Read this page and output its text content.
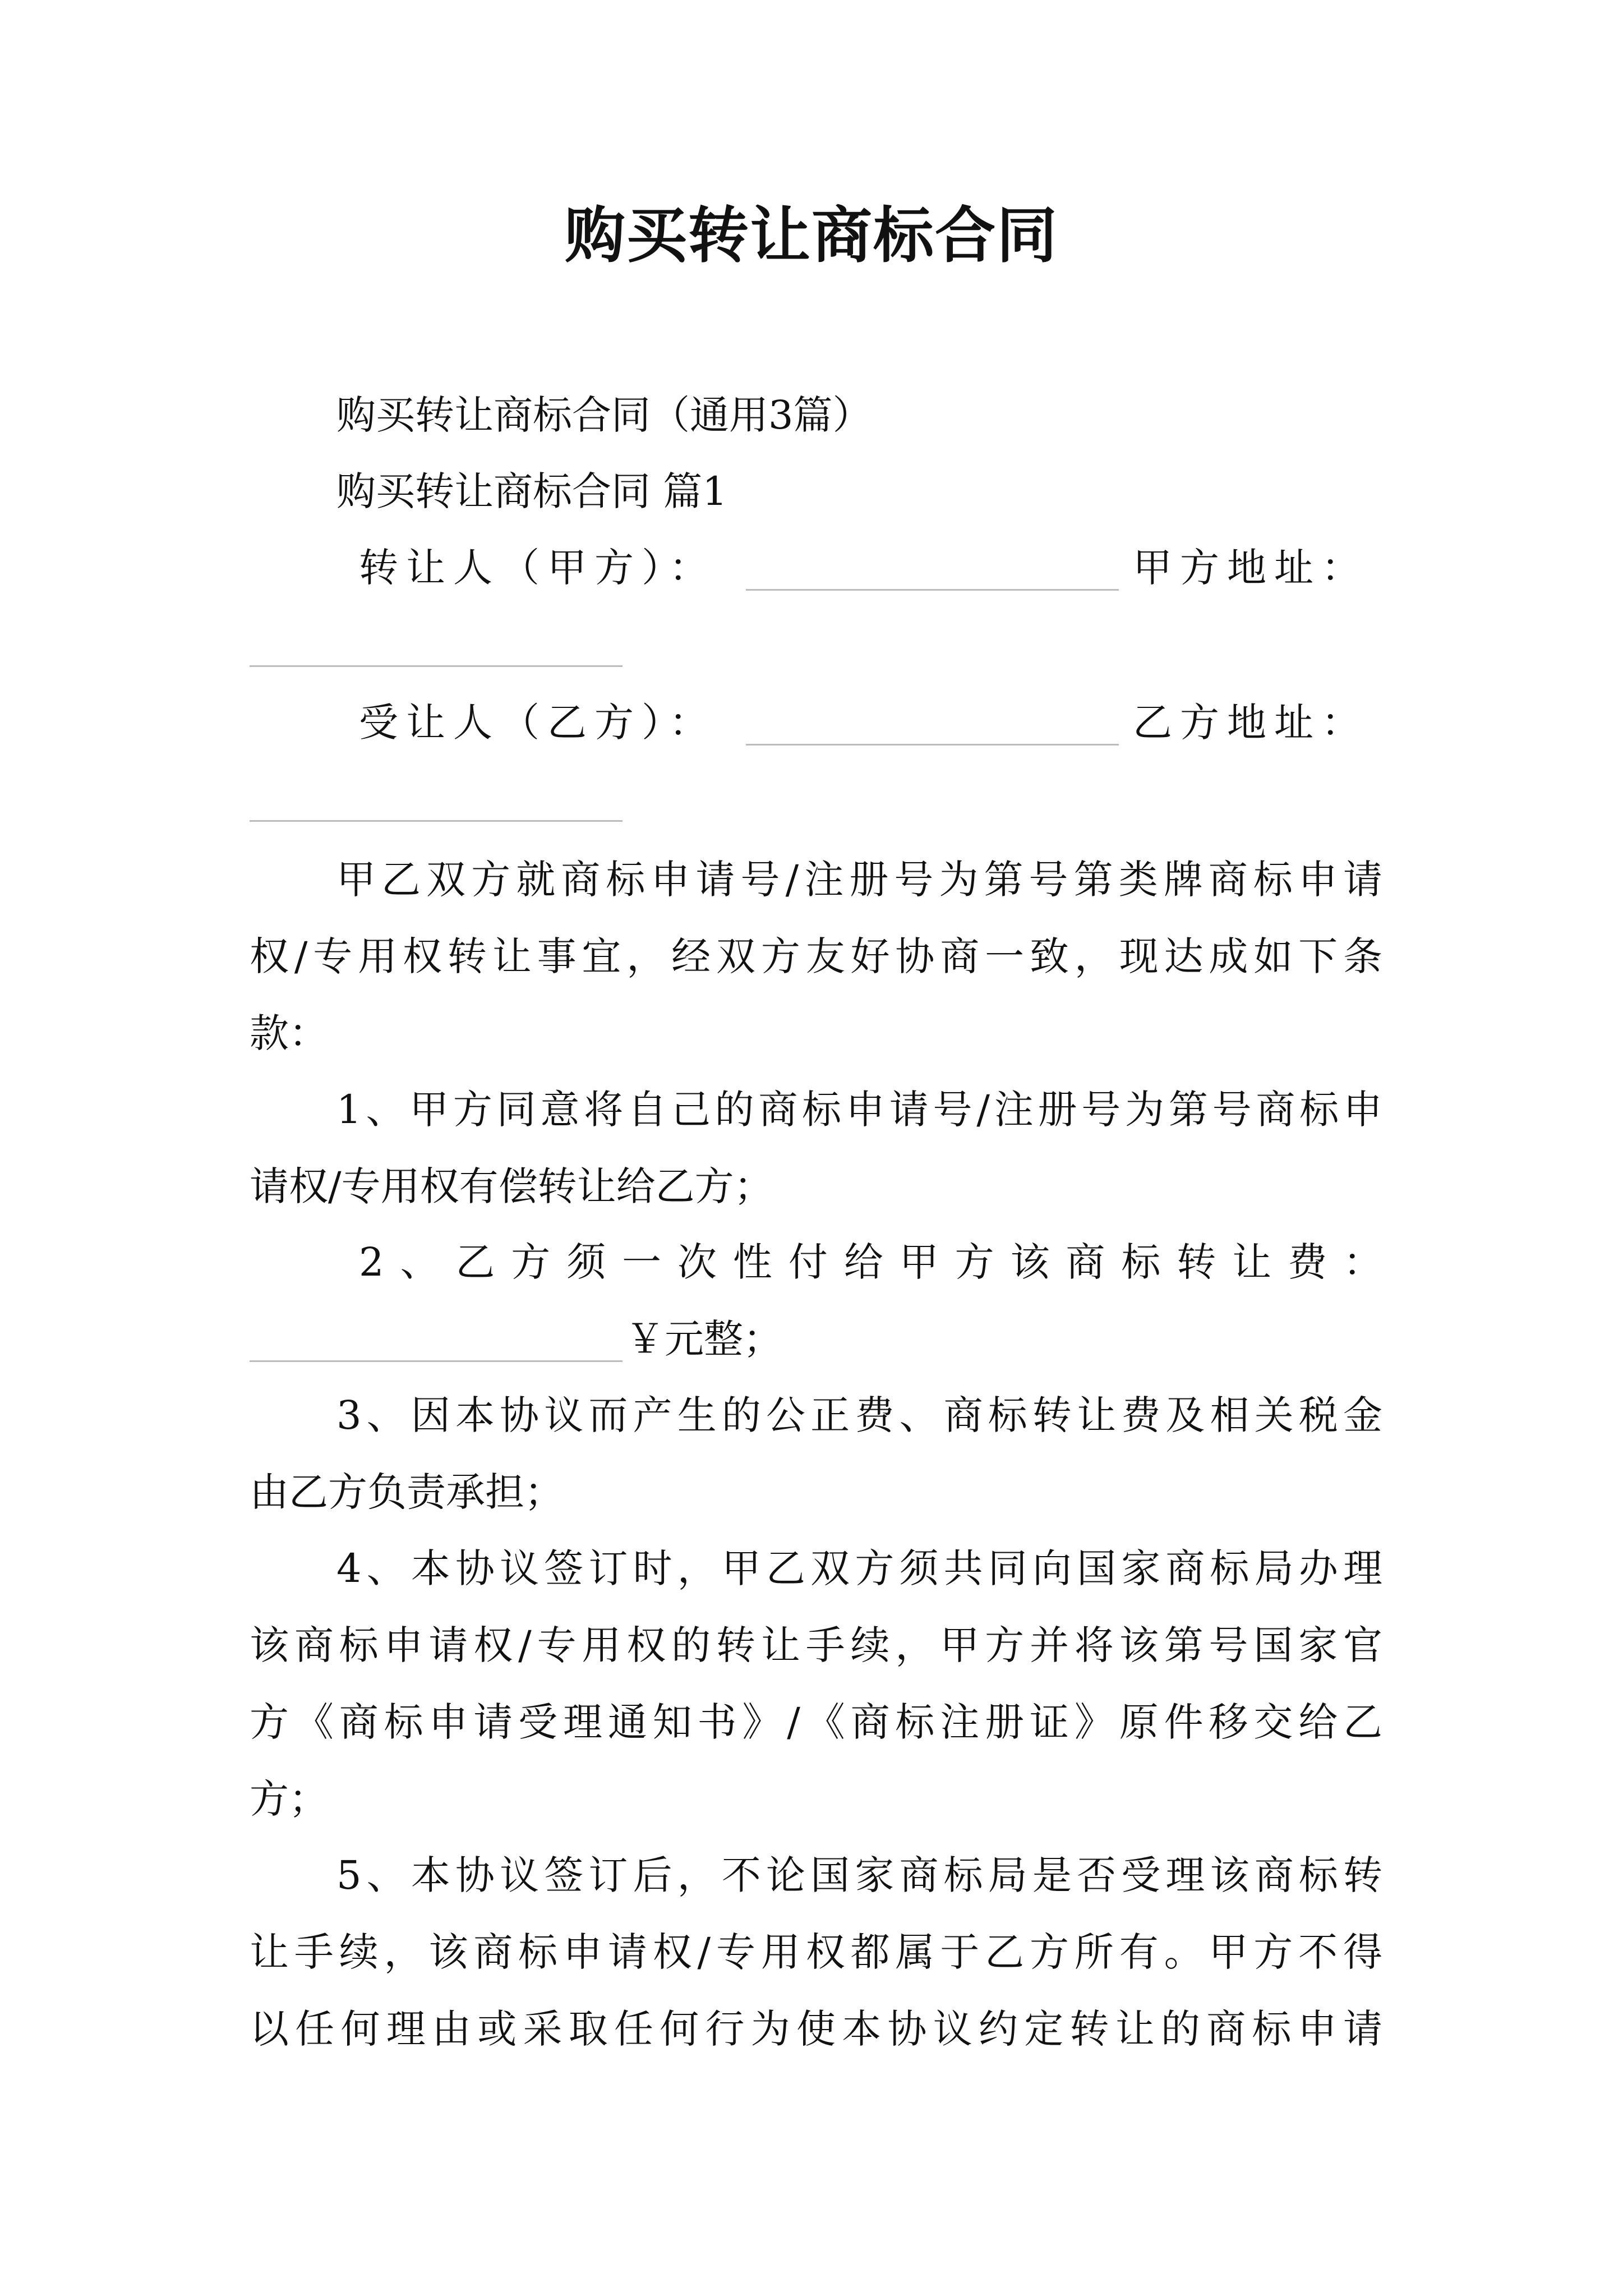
购买转让商标合同
购买转让商标合同（通用3篇）
购买转让商标合同 篇1
转让人（甲方）：	甲方地址：
受让人（乙方）：	乙方地址：
甲乙双方就商标申请号/注册号为第号第类牌商标申请
权/专用权转让事宜，经双方友好协商一致，现达成如下条
款：
1、甲方同意将自己的商标申请号/注册号为第号商标申
请权/专用权有偿转让给乙方；
2、乙方须一次性付给甲方该商标转让费：
￥元整；
3、因本协议而产生的公正费、商标转让费及相关税金
由乙方负责承担；
4、本协议签订时，甲乙双方须共同向国家商标局办理
该商标申请权/专用权的转让手续，甲方并将该第号国家官
方《商标申请受理通知书》/《商标注册证》原件移交给乙
方；
5、本协议签订后，不论国家商标局是否受理该商标转
让手续，该商标申请权/专用权都属于乙方所有。甲方不得
以任何理由或采取任何行为使本协议约定转让的商标申请
